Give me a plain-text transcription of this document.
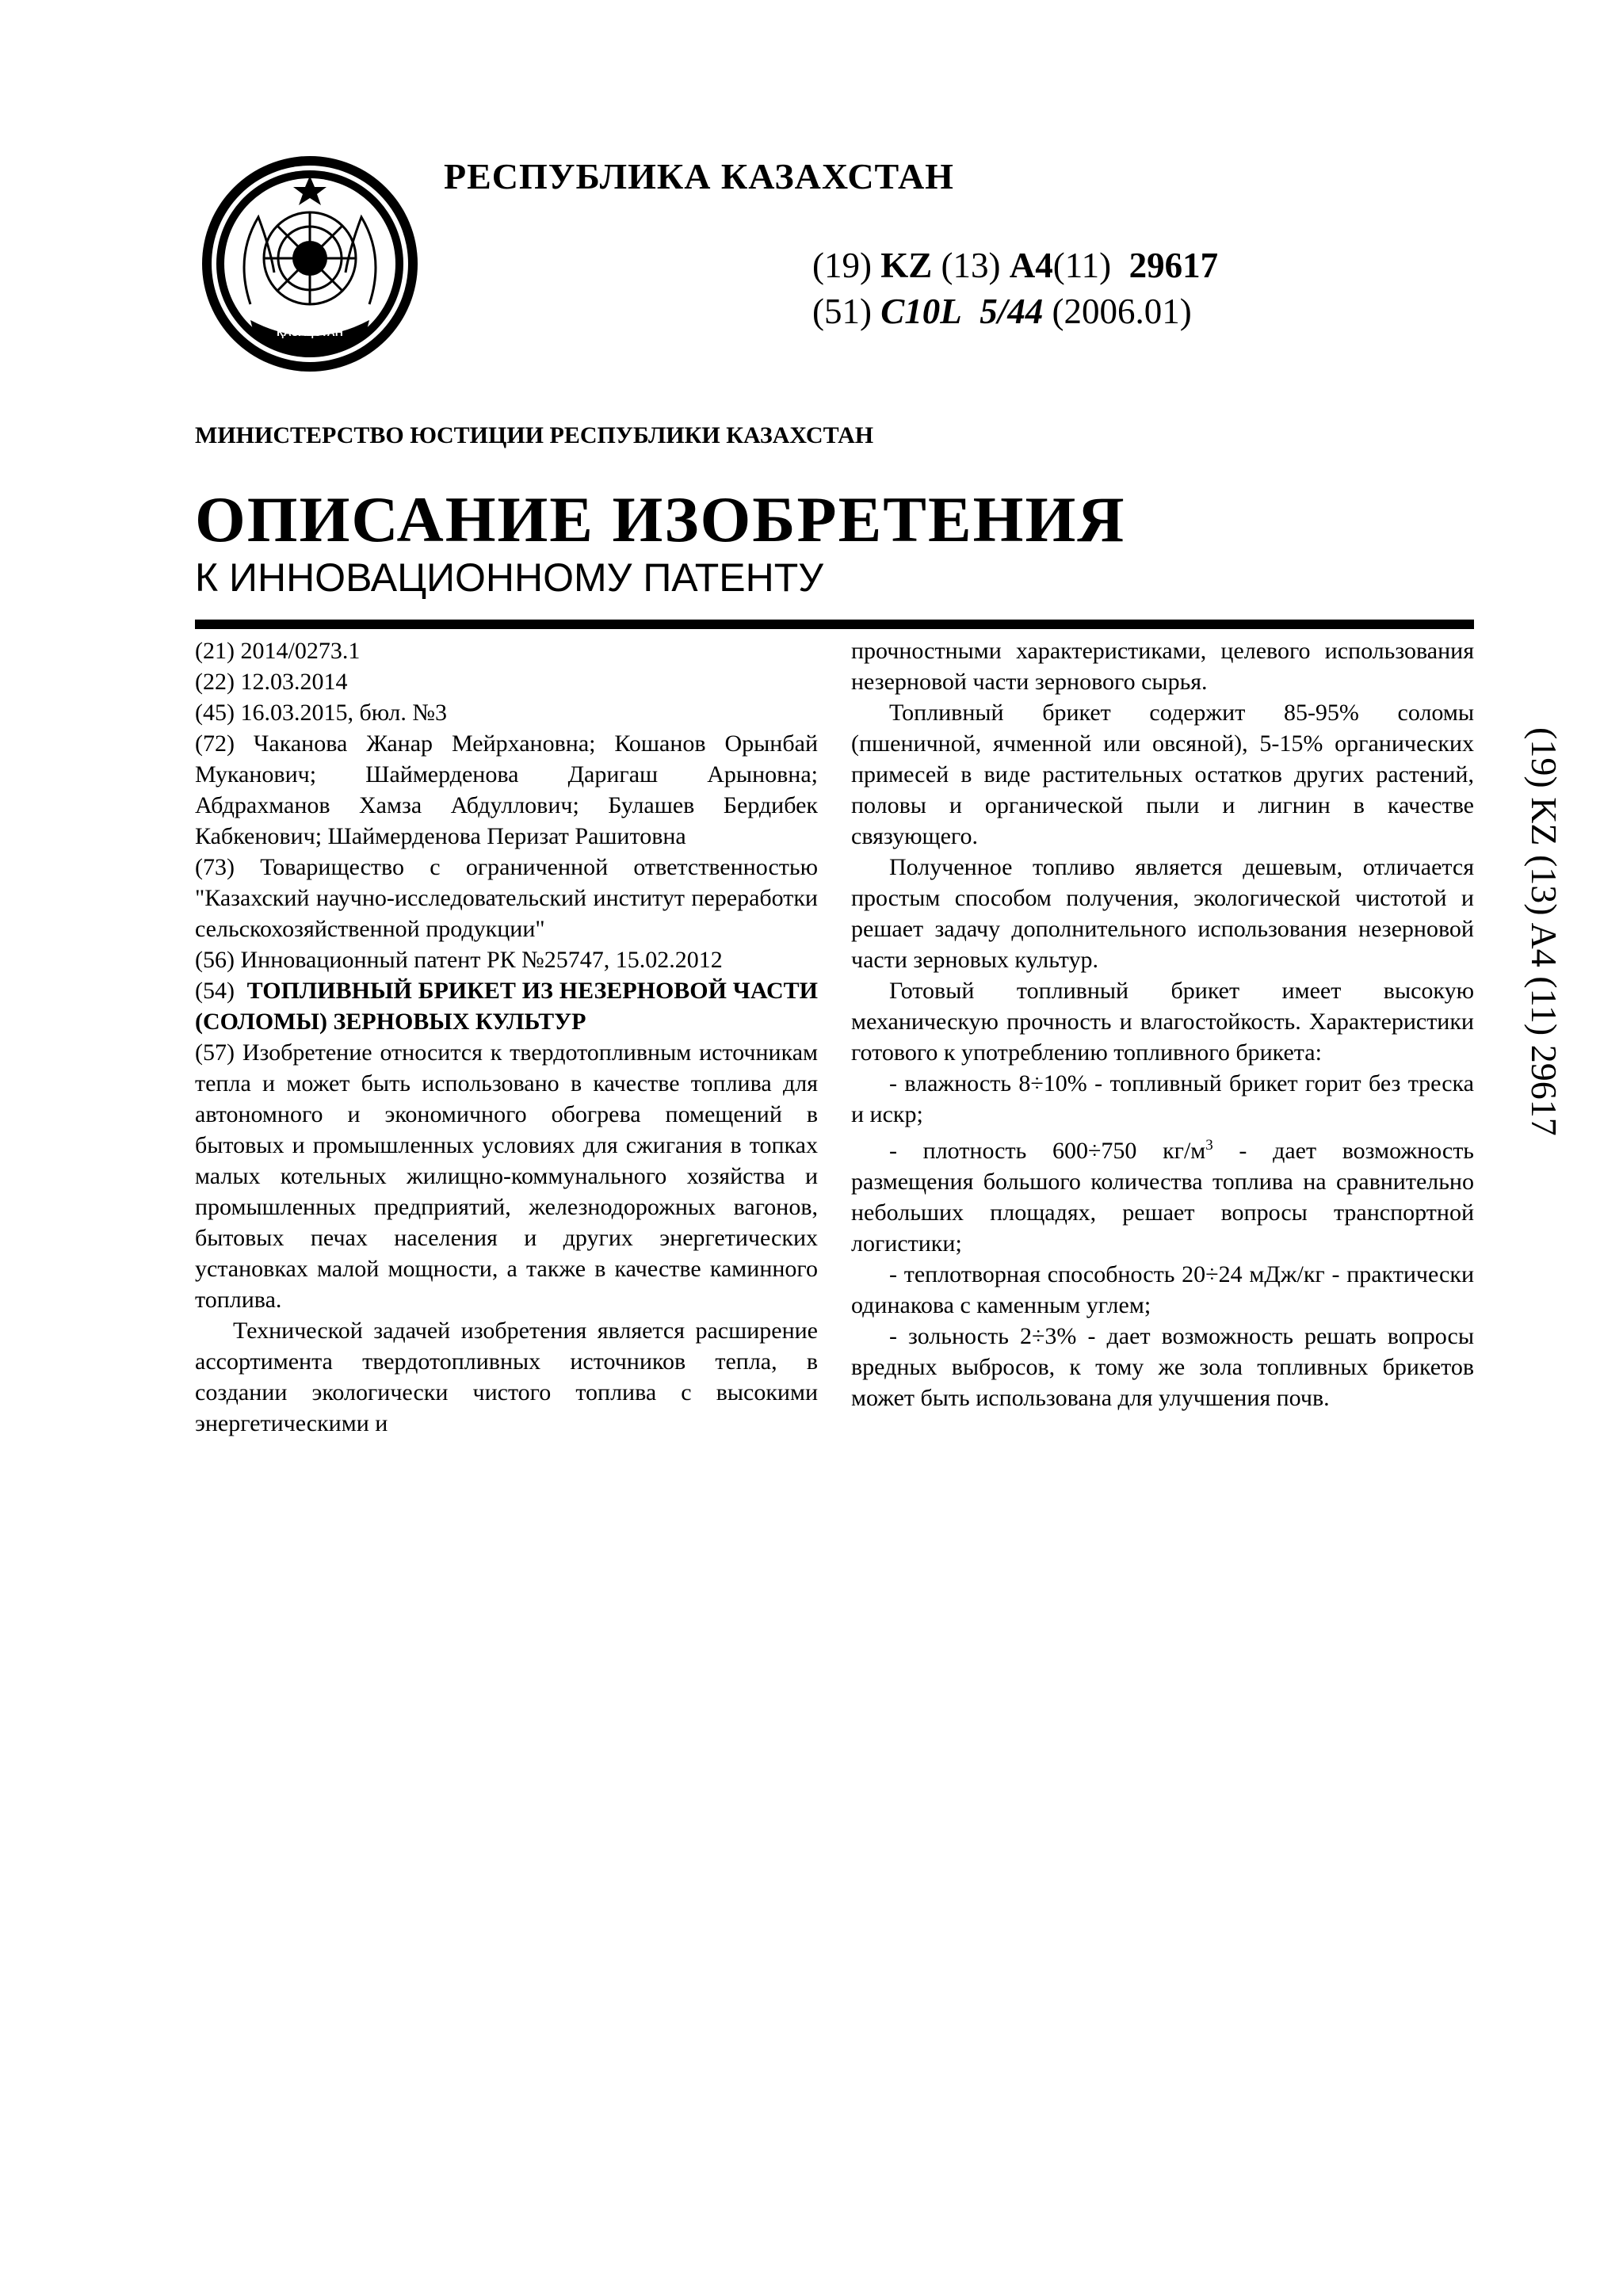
ҚАЗАҚСТАН
РЕСПУБЛИКА КАЗАХСТАН
(19) KZ (13) A4(11) 29617
(51) C10L 5/44 (2006.01)
МИНИСТЕРСТВО ЮСТИЦИИ РЕСПУБЛИКИ КАЗАХСТАН
ОПИСАНИЕ ИЗОБРЕТЕНИЯ
К ИННОВАЦИОННОМУ ПАТЕНТУ

(21) 2014/0273.1

(22) 12.03.2014

(45) 16.03.2015, бюл. №3

(72) Чаканова Жанар Мейрхановна; Кошанов Орынбай Муканович; Шаймерденова Даригаш Арыновна; Абдрахманов Хамза Абдуллович; Булашев Бердибек Кабкенович; Шаймерденова Перизат Рашитовна

(73) Товарищество с ограниченной ответственностью "Казахский научно-исследовательский институт переработки сельскохозяйственной продукции"

(56) Инновационный патент РК №25747, 15.02.2012

(54) ТОПЛИВНЫЙ БРИКЕТ ИЗ НЕЗЕРНОВОЙ ЧАСТИ (СОЛОМЫ) ЗЕРНОВЫХ КУЛЬТУР

(57) Изобретение относится к твердотопливным источникам тепла и может быть использовано в качестве топлива для автономного и экономичного обогрева помещений в бытовых и промышленных условиях для сжигания в топках малых котельных жилищно-коммунального хозяйства и промышленных предприятий, железнодорожных вагонов, бытовых печах населения и других энергетических установках малой мощности, а также в качестве каминного топлива.

Технической задачей изобретения является расширение ассортимента твердотопливных источников тепла, в создании экологически чистого топлива с высокими энергетическими и

прочностными характеристиками, целевого использования незерновой части зернового сырья.

Топливный брикет содержит 85-95% соломы (пшеничной, ячменной или овсяной), 5-15% органических примесей в виде растительных остатков других растений, половы и органической пыли и лигнин в качестве связующего.

Полученное топливо является дешевым, отличается простым способом получения, экологической чистотой и решает задачу дополнительного использования незерновой части зерновых культур.

Готовый топливный брикет имеет высокую механическую прочность и влагостойкость. Характеристики готового к употреблению топливного брикета:

- влажность 8÷10% - топливный брикет горит без треска и искр;

- плотность 600÷750 $кг/м^3$ - дает возможность размещения большого количества топлива на сравнительно небольших площадях, решает вопросы транспортной логистики;

- теплотворная способность 20÷24 мДж/кг - практически одинакова с каменным углем;

- зольность 2÷3% - дает возможность решать вопросы вредных выбросов, к тому же зола топливных брикетов может быть использована для улучшения почв.

(19) KZ (13) A4 (11) 29617
